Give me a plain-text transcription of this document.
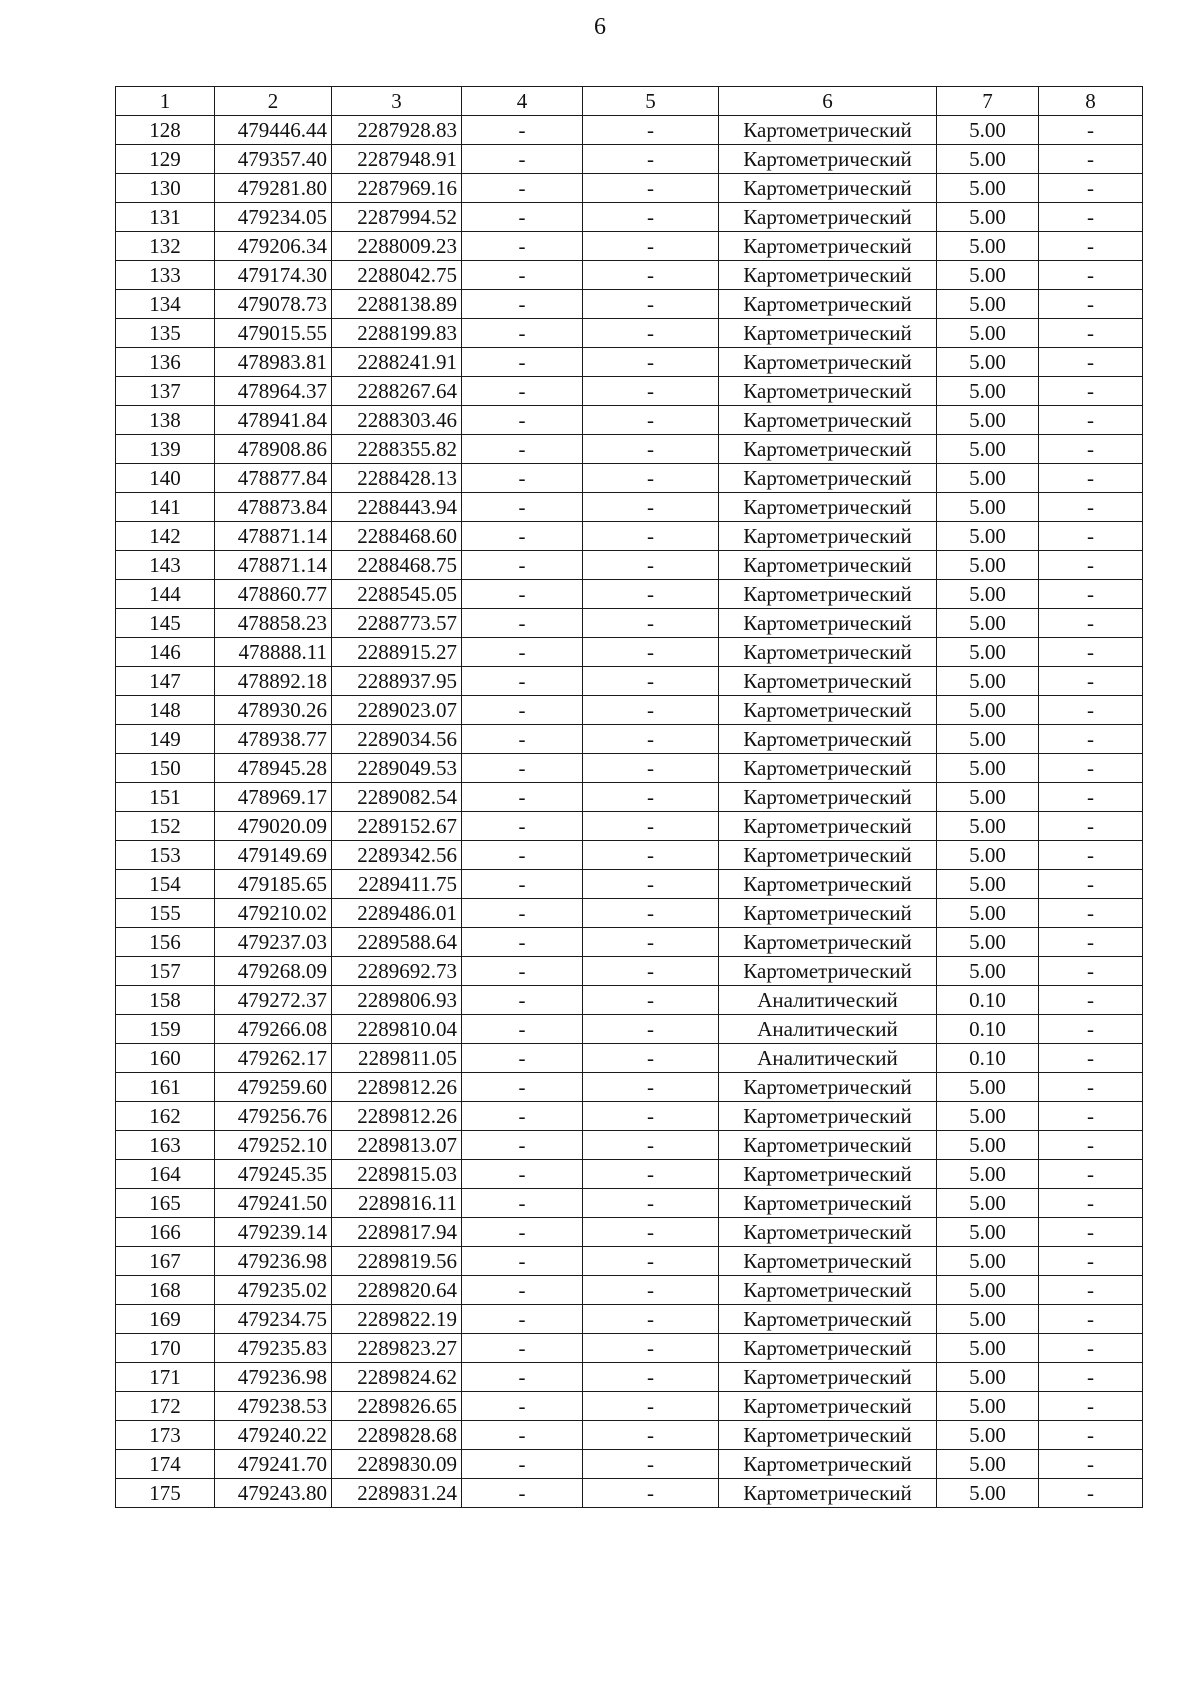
6
1	2	3	4	5	6	7	8
128	479446.44	2287928.83	-	-	Картометрический	5.00	-
129	479357.40	2287948.91	-	-	Картометрический	5.00	-
130	479281.80	2287969.16	-	-	Картометрический	5.00	-
131	479234.05	2287994.52	-	-	Картометрический	5.00	-
132	479206.34	2288009.23	-	-	Картометрический	5.00	-
133	479174.30	2288042.75	-	-	Картометрический	5.00	-
134	479078.73	2288138.89	-	-	Картометрический	5.00	-
135	479015.55	2288199.83	-	-	Картометрический	5.00	-
136	478983.81	2288241.91	-	-	Картометрический	5.00	-
137	478964.37	2288267.64	-	-	Картометрический	5.00	-
138	478941.84	2288303.46	-	-	Картометрический	5.00	-
139	478908.86	2288355.82	-	-	Картометрический	5.00	-
140	478877.84	2288428.13	-	-	Картометрический	5.00	-
141	478873.84	2288443.94	-	-	Картометрический	5.00	-
142	478871.14	2288468.60	-	-	Картометрический	5.00	-
143	478871.14	2288468.75	-	-	Картометрический	5.00	-
144	478860.77	2288545.05	-	-	Картометрический	5.00	-
145	478858.23	2288773.57	-	-	Картометрический	5.00	-
146	478888.11	2288915.27	-	-	Картометрический	5.00	-
147	478892.18	2288937.95	-	-	Картометрический	5.00	-
148	478930.26	2289023.07	-	-	Картометрический	5.00	-
149	478938.77	2289034.56	-	-	Картометрический	5.00	-
150	478945.28	2289049.53	-	-	Картометрический	5.00	-
151	478969.17	2289082.54	-	-	Картометрический	5.00	-
152	479020.09	2289152.67	-	-	Картометрический	5.00	-
153	479149.69	2289342.56	-	-	Картометрический	5.00	-
154	479185.65	2289411.75	-	-	Картометрический	5.00	-
155	479210.02	2289486.01	-	-	Картометрический	5.00	-
156	479237.03	2289588.64	-	-	Картометрический	5.00	-
157	479268.09	2289692.73	-	-	Картометрический	5.00	-
158	479272.37	2289806.93	-	-	Аналитический	0.10	-
159	479266.08	2289810.04	-	-	Аналитический	0.10	-
160	479262.17	2289811.05	-	-	Аналитический	0.10	-
161	479259.60	2289812.26	-	-	Картометрический	5.00	-
162	479256.76	2289812.26	-	-	Картометрический	5.00	-
163	479252.10	2289813.07	-	-	Картометрический	5.00	-
164	479245.35	2289815.03	-	-	Картометрический	5.00	-
165	479241.50	2289816.11	-	-	Картометрический	5.00	-
166	479239.14	2289817.94	-	-	Картометрический	5.00	-
167	479236.98	2289819.56	-	-	Картометрический	5.00	-
168	479235.02	2289820.64	-	-	Картометрический	5.00	-
169	479234.75	2289822.19	-	-	Картометрический	5.00	-
170	479235.83	2289823.27	-	-	Картометрический	5.00	-
171	479236.98	2289824.62	-	-	Картометрический	5.00	-
172	479238.53	2289826.65	-	-	Картометрический	5.00	-
173	479240.22	2289828.68	-	-	Картометрический	5.00	-
174	479241.70	2289830.09	-	-	Картометрический	5.00	-
175	479243.80	2289831.24	-	-	Картометрический	5.00	-
